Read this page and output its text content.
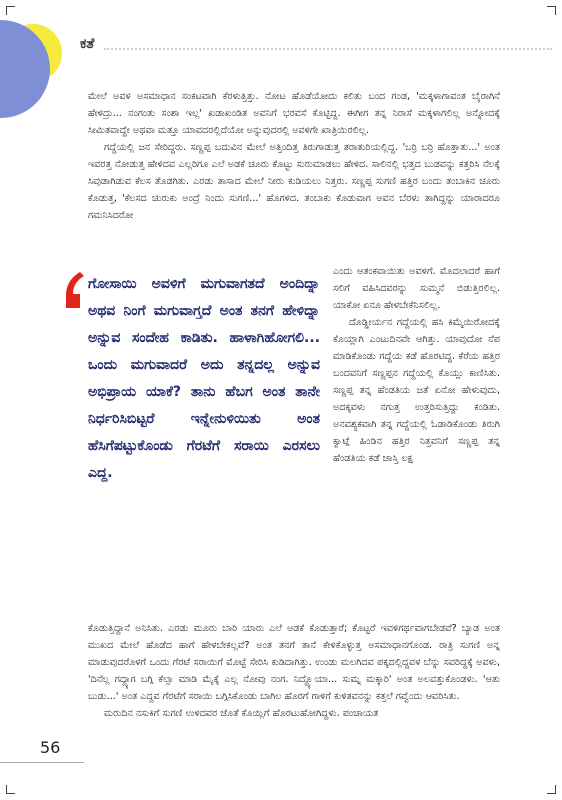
ಕತೆ

ಮೇಲೆ ಅವಳ ಅಸಮಾಧಾನ ಸಂಕಟವಾಗಿ ಕೆರಳುತ್ತಿತ್ತು. ನೋಟ ಹೊಡೆಯೋದು ಕಲಿತು ಬಂದ ಗಂಡ, 'ಮಕ್ಕಳಾಗಾವಂತ ಬೈರಾಗಿನೆ ಹೇಳಿದ್ರು... ನಂಗಂತು ಸಂಶಾ ಇಲ್ಲ' ಖಡಾಖಂಡಿತ ಅವನಿಗೆ ಭರವಸೆ ಕೊಟ್ಟಿದ್ದ. ಈಗೀಗ ತನ್ನ ನಿರಾಸೆ ಮಕ್ಕಳಾಗಲಿಲ್ಲ ಅನ್ನೋದಕ್ಕೆ ಸೀಮಿತವಾದ್ದೇ ಅಥವಾ ಮತ್ತೂ ಯಾವದರಲ್ಲಿದೆಯೋ ಅನ್ನುವುದರಲ್ಲಿ ಅವಳಿಗೇ ಖಾತ್ರಿಯಿರಲಿಲ್ಲ.

ಗದ್ದೆಯಲ್ಲಿ ಜನ ಸೇರಿದ್ದರು. ಸಣ್ಣಪ್ಪ ಬದುವಿನ ಮೇಲೆ ಅತ್ತಿಂದಿತ್ತ ತಿರುಗಾಡುತ್ತ ತರಾತುರಿಯಲ್ಲಿದ್ದ. 'ಬರ್ರಿ ಬರ್ರಿ ಹೊತ್ತಾತು...' ಅಂತ ಇವರತ್ತ ನೋಡುತ್ತ ಹೇಳಿದವ ಎಲ್ಲರಿಗೂ ಎಲೆ ಅಡಕೆ ಚೂರು ಕೊಟ್ಟು ಸುರುಮಾಡಲು ಹೇಳಿದ. ಸಾಲಿನಲ್ಲಿ ಭತ್ತದ ಬುಡವನ್ನು ಕತ್ತರಿಸಿ ನೆಲಕ್ಕೆ ಸಿವುಡಾಗಿಡುವ ಕೆಲಸ ತೊಡಗಿತು. ಎರಡು ತಾಸಾದ ಮೇಲೆ ನೀರು ಕುಡಿಯಲು ನಿತ್ತರು. ಸಣ್ಣಪ್ಪ ಸುಗಣಿ ಹತ್ತಿರ ಬಂದು ತಂಬಾಕಿನ ಚೂರು ಕೊಡುತ್ತ, 'ಕೆಲಸದ ಚುರುಕು ಅಂದ್ರೆ ನಿಂದು ಸುಗಣಿ...' ಹೊಗಳಿದ. ತಂಬಾಕು ಕೊಡುವಾಗ ಅವನ ಬೆರಳು ತಾಗಿದ್ದನ್ನು ಯಾರಾದರೂ ಗಮನಿಸಿದರೋ

ಗೋಸಾಯಿ ಅವಳಿಗೆ ಮಗುವಾಗತದೆ ಅಂದಿದ್ನಾ ಅಥವ ನಿಂಗೆ ಮಗುವಾಗ್ತದೆ ಅಂತ ತನಗೆ ಹೇಳಿದ್ನಾ ಅನ್ನುವ ಸಂದೇಹ ಕಾಡಿತು. ಹಾಳಾಗಿಹೋಗಲಿ... ಒಂದು ಮಗುವಾದರೆ ಅದು ತನ್ನದಲ್ಲ ಅನ್ನುವ ಅಭಿಪ್ರಾಯ ಯಾಕೆ? ತಾನು ಹೆಬಗ ಅಂತ ತಾನೇ ನಿರ್ಧರಿಸಿಬಿಟ್ಟರೆ ಇನ್ನೇನುಳಿಯಿತು ಅಂತ ಹೆಸಿಗೆಪಟ್ಟುಕೊಂಡು ಗೆರಟೆಗೆ ಸರಾಯಿ ಎರಸಲು ಎದ್ದ.

ಎಂದು ಆತಂಕವಾಯಿತು ಅವಳಿಗೆ. ಮೊದಲಾದರೆ ಹಾಗೆ ಸಲಿಗೆ ವಹಿಸಿದವರನ್ನು ಸುಮ್ಮನೆ ಬಿಡುತ್ತಿರಲಿಲ್ಲ. ಯಾಕೋ ಏನೂ ಹೇಳಬೇಕೆನಿಸಲಿಲ್ಲ.

ದೊಡ್ಡೀರ್ಯನ ಗದ್ದೆಯಲ್ಲಿ ಹಸಿ ಕಿಮ್ಮೆಯಿರೋದಕ್ಕೆ ಕೊಯ್ಲಾಗಿ ಎಂಟುದಿನವೇ ಆಗಿತ್ತು. ಯಾವುದೋ ನೆಪ ಮಾಡಿಕೊಂಡು ಗದ್ದೆಯ ಕಡೆ ಹೊರಟಿದ್ದ. ಕೆರೆಯ ಹತ್ತಿರ ಬಂದವನಿಗೆ ಸಣ್ಣಪ್ಪನ ಗದ್ದೆಯಲ್ಲಿ ಕೊಯ್ಲು ಕಾಣಿಸಿತು. ಸಣ್ಣಪ್ಪ ತನ್ನ ಹೆಂಡತಿಯ ಜತೆ ಏನೋ ಹೇಳುವುದು, ಅದಕ್ಕವಳು ನಗುತ್ತ ಉತ್ತರಿಸುತ್ತಿದ್ದು ಕಂಡಿತು. ಅನವಶ್ಯಕವಾಗಿ ತನ್ನ ಗದ್ದೆಯಲ್ಲಿ ಓಡಾಡಿಕೊಂಡು ತಿರುಗಿ ಕ್ವಾಟ್ಗೆ ಹಿಂಡಿನ ಹತ್ತಿರ ನಿತ್ತವನಿಗೆ ಸಣ್ಣಪ್ಪ ತನ್ನ ಹೆಂಡತಿಯ ಕಡೆ ಜಾಸ್ತಿ ಲಕ್ಷ

ಕೊಡುತ್ತಿದ್ದಾನೆ ಅನಿಸಿತು. ಎರಡು ಮೂರು ಬಾರಿ ಯಾರು ಎಲೆ ಅಡಕೆ ಕೊಡುತ್ತಾರೆ; ಕೊಟ್ಟರೆ ಇವಳಿಗರ್ಥವಾಗಬೇಡವೆ? ಬ್ಯಾಡ ಅಂತ ಮುಖದ ಮೇಲೆ ಹೊಡೆದ ಹಾಗೆ ಹೇಳಬೇಕಲ್ಲವೆ? ಅಂತ ತನಗೆ ತಾನೆ ಕೇಳಿಕೊಳ್ಳುತ್ತ ಅಸಮಾಧಾನಗೊಂಡ. ರಾತ್ರಿ ಸುಗಣಿ ಅನ್ನ ಮಾಡುವುದರೊಳಗೆ ಒಂದು ಗೆರಟೆ ಸರಾಯಿಗೆ ಮೊಟ್ಟೆ ಸೇರಿಸಿ ಕುಡಿದಾಗಿತ್ತು. ಉಂಡು ಮಲಗಿದವ ಪಕ್ಕದಲ್ಲಿದ್ದವಳ ಬೆನ್ನು ಸವರಿದ್ದಕ್ಕೆ ಅವಳು, 'ದಿನೆಲ್ಲ ಗದ್ದ್ಯಾಗ ಬಗ್ಗಿ ಕೆಲ್ಸಾ ಮಾಡಿ ಮೈಕ್ಕೆ ಎಲ್ಲ ನೋವು ನಂಗ. ನಿದ್ದ್ಯೊಯಾ... ಸುಮ್ನ ಮಕ್ಕಾರಿ' ಅಂತ ಅಲವತ್ತುಕೊಂಡಳು. 'ಆತು ಬುಡು...' ಅಂತ ಎದ್ದವ ಗೆರಟೆಗೆ ಸರಾಯಿ ಬಗ್ಗಿಸಿಕೊಂಡು ಬಾಗಿಲ ಹೊರಗೆ ಗಾಳಿಗೆ ಕುಳಿತವನನ್ನು ಕತ್ತಲೆ ಗವ್ವೆಂದು ಆವರಿಸಿತು.

ಮರುದಿನ ನಸುಕಿಗೆ ಸುಗಣಿ ಉಳಿದವರ ಜೊತೆ ಕೊಯ್ಲಿಗೆ ಹೊರಟುಹೋಗಿದ್ದಳು. ಪಂಚಾಯತ

56
